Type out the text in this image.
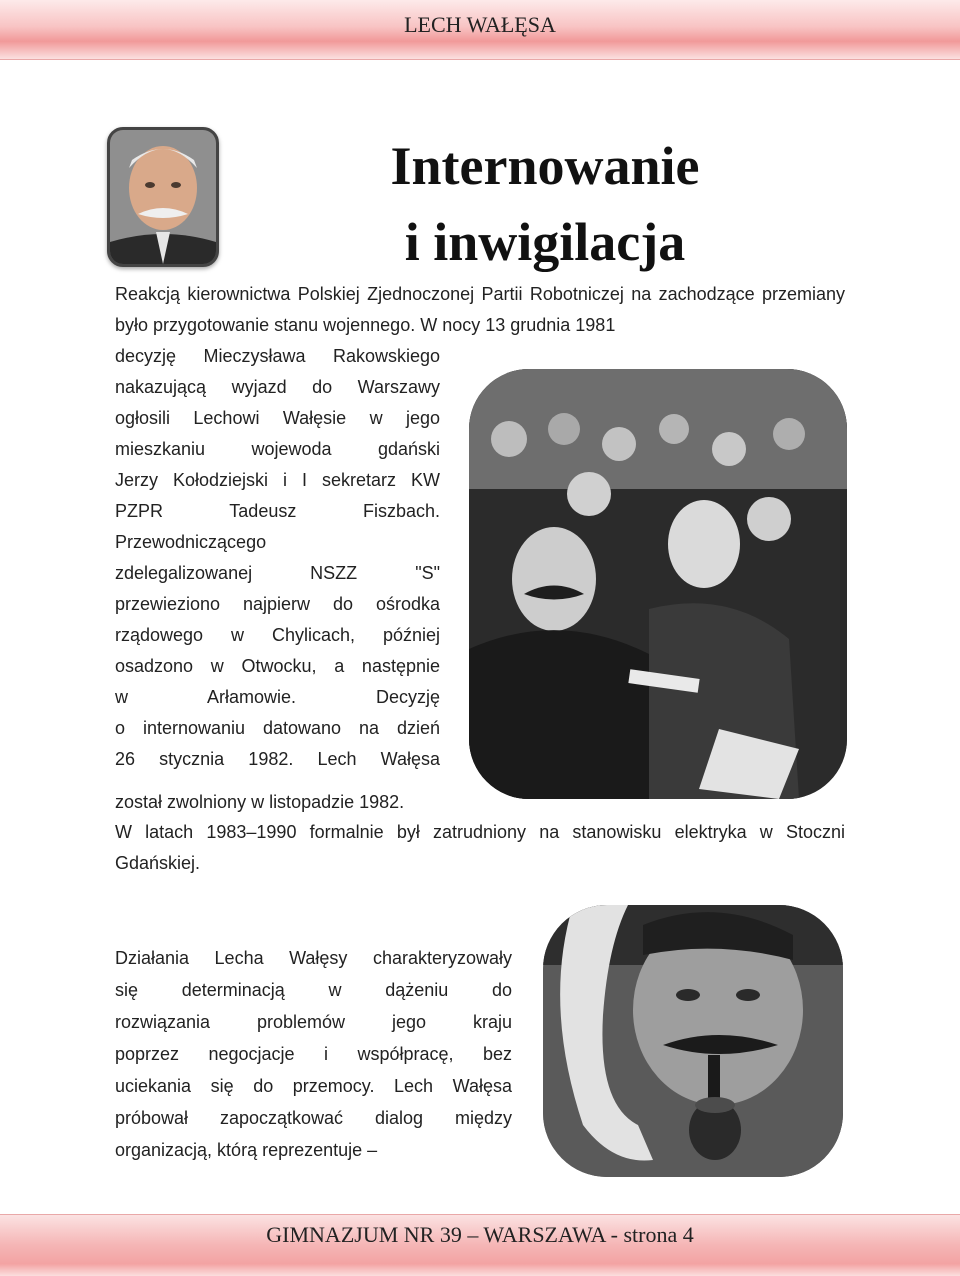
LECH WAŁĘSA
Internowanie
i inwigilacja
Reakcją kierownictwa Polskiej Zjednoczonej Partii Robotniczej na zachodzące przemiany było przygotowanie stanu wojennego. W nocy 13 grudnia 1981
decyzję Mieczysława Rakowskiego
nakazującą wyjazd do Warszawy
ogłosili Lechowi Wałęsie w jego
mieszkaniu wojewoda gdański
Jerzy Kołodziejski i I sekretarz KW
PZPR Tadeusz Fiszbach.
Przewodniczącego
zdelegalizowanej NSZZ "S"
przewieziono najpierw do ośrodka
rządowego w Chylicach, później
osadzono w Otwocku, a następnie
w Arłamowie. Decyzję
o internowaniu datowano na dzień
26 stycznia 1982. Lech Wałęsa
został zwolniony w listopadzie 1982.
W latach 1983–1990 formalnie był zatrudniony na stanowisku elektryka w Stoczni Gdańskiej.
Działania Lecha Wałęsy charakteryzowały
się determinacją w dążeniu do
rozwiązania problemów jego kraju
poprzez negocjacje i współpracę, bez
uciekania się do przemocy. Lech Wałęsa
próbował zapoczątkować dialog między
organizacją, którą reprezentuje –
GIMNAZJUM NR 39 – WARSZAWA - strona 4
